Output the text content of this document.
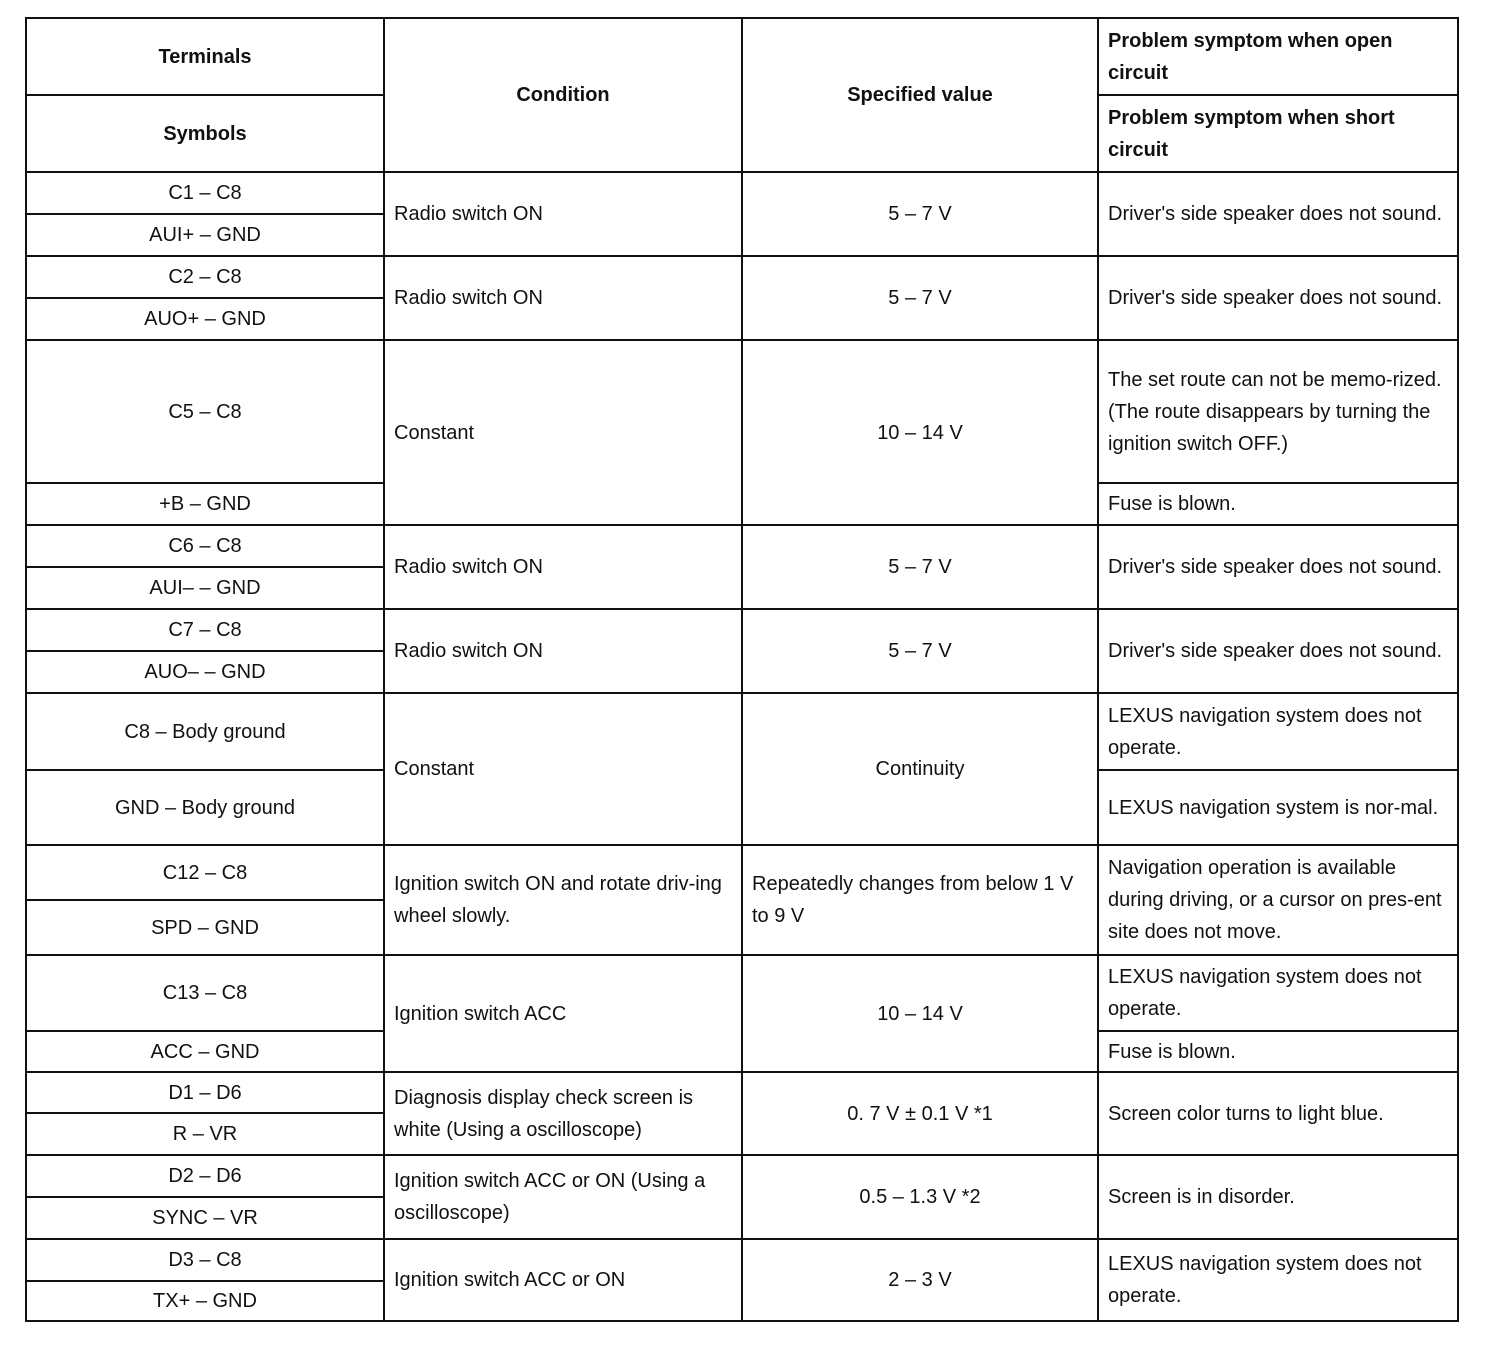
Terminals	Condition	Specified value	Problem symptom when open circuit
Symbols			Problem symptom when short circuit
C1 – C8	Radio switch ON	5 – 7 V	Driver's side speaker does not sound.
AUI+ – GND			
C2 – C8	Radio switch ON	5 – 7 V	Driver's side speaker does not sound.
AUO+ – GND			
C5 – C8	Constant	10 – 14 V	The set route can not be memo-rized. (The route disappears by turning the ignition switch OFF.)
+B – GND			Fuse is blown.
C6 – C8	Radio switch ON	5 – 7 V	Driver's side speaker does not sound.
AUI– – GND			
C7 – C8	Radio switch ON	5 – 7 V	Driver's side speaker does not sound.
AUO– – GND			
C8 – Body ground	Constant	Continuity	LEXUS navigation system does not operate.
GND – Body ground			LEXUS navigation system is nor-mal.
C12 – C8	Ignition switch ON and rotate driv-ing wheel slowly.	Repeatedly changes from below 1 V to 9 V	Navigation operation is available during driving, or a cursor on pres-ent site does not move.
SPD – GND			
C13 – C8	Ignition switch ACC	10 – 14 V	LEXUS navigation system does not operate.
ACC – GND			Fuse is blown.
D1 – D6	Diagnosis display check screen is white (Using a oscilloscope)	0. 7 V ± 0.1 V *1	Screen color turns to light blue.
R – VR			
D2 – D6	Ignition switch ACC or ON (Using a oscilloscope)	0.5 – 1.3 V *2	Screen is in disorder.
SYNC – VR			
D3 – C8	Ignition switch ACC or ON	2 – 3 V	LEXUS navigation system does not operate.
TX+ – GND			
